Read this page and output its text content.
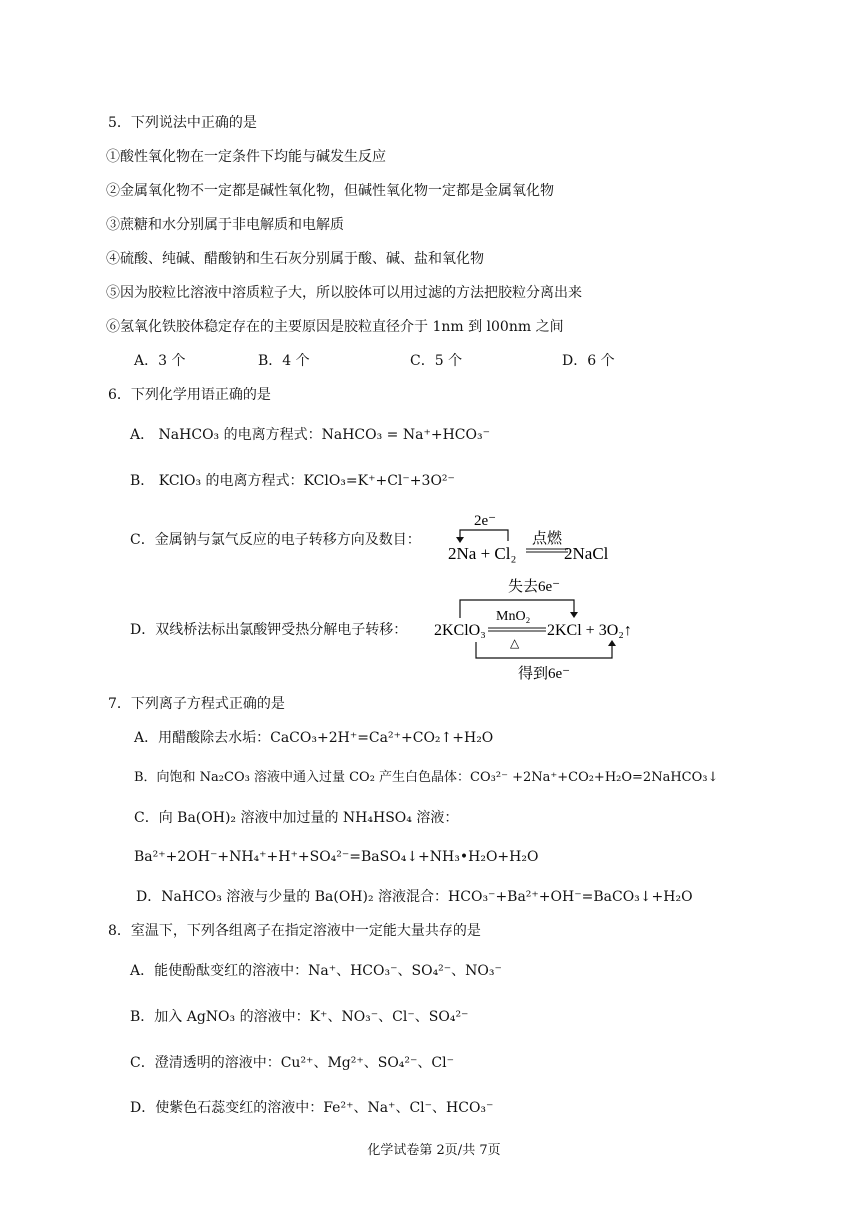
5．下列说法中正确的是
①酸性氧化物在一定条件下均能与碱发生反应
②金属氧化物不一定都是碱性氧化物，但碱性氧化物一定都是金属氧化物
③蔗糖和水分别属于非电解质和电解质
④硫酸、纯碱、醋酸钠和生石灰分别属于酸、碱、盐和氧化物
⑤因为胶粒比溶液中溶质粒子大，所以胶体可以用过滤的方法把胶粒分离出来
⑥氢氧化铁胶体稳定存在的主要原因是胶粒直径介于 1nm 到 l00nm 之间
A．3 个	B．4 个	C．5 个	D．6 个
6．下列化学用语正确的是
A． NaHCO₃ 的电离方程式：NaHCO₃ = Na⁺+HCO₃⁻
B． KClO₃ 的电离方程式：KClO₃=K⁺+Cl⁻+3O²⁻
C．金属钠与氯气反应的电子转移方向及数目：
2e⁻
2Na + Cl₂
点燃
2NaCl
D．双线桥法标出氯酸钾受热分解电子转移：
失去6e⁻
MnO₂
2KClO₃	2KCl + 3O₂↑
△
得到6e⁻
7．下列离子方程式正确的是
A．用醋酸除去水垢：CaCO₃+2H⁺=Ca²⁺+CO₂↑+H₂O
B．向饱和 Na₂CO₃ 溶液中通入过量 CO₂ 产生白色晶体：CO₃²⁻ +2Na⁺+CO₂+H₂O=2NaHCO₃↓
C．向 Ba(OH)₂ 溶液中加过量的 NH₄HSO₄ 溶液：
Ba²⁺+2OH⁻+NH₄⁺+H⁺+SO₄²⁻=BaSO₄↓+NH₃•H₂O+H₂O
D．NaHCO₃ 溶液与少量的 Ba(OH)₂ 溶液混合：HCO₃⁻+Ba²⁺+OH⁻=BaCO₃↓+H₂O
8．室温下，下列各组离子在指定溶液中一定能大量共存的是
A．能使酚酞变红的溶液中：Na⁺、HCO₃⁻、SO₄²⁻、NO₃⁻
B．加入 AgNO₃ 的溶液中：K⁺、NO₃⁻、Cl⁻、SO₄²⁻
C．澄清透明的溶液中：Cu²⁺、Mg²⁺、SO₄²⁻、Cl⁻
D．使紫色石蕊变红的溶液中：Fe²⁺、Na⁺、Cl⁻、HCO₃⁻
化学试卷第 2页/共 7页
